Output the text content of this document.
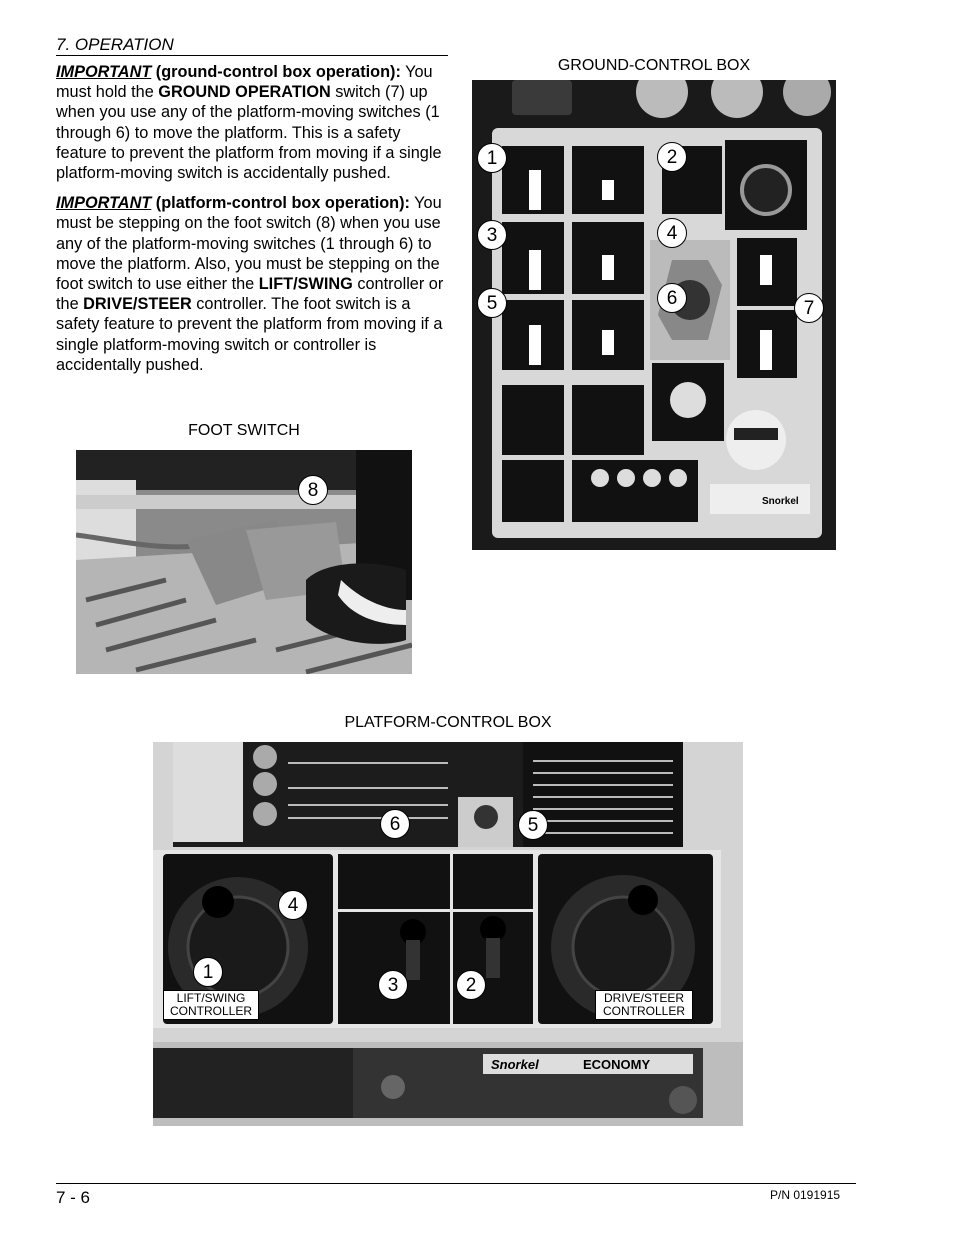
7. OPERATION

IMPORTANT (ground-control box operation): You must hold the GROUND OPERATION switch (7) up when you use any of the platform-moving switches (1 through 6) to move the platform. This is a safety feature to prevent the platform from moving if a single platform-moving switch is accidentally pushed.

IMPORTANT (platform-control box operation): You must be stepping on the foot switch (8) when you use any of the platform-moving switches (1 through 6) to move the platform. Also, you must be stepping on the foot switch to use either the LIFT/SWING controller or the DRIVE/STEER controller. The foot switch is a safety feature to prevent the platform from moving if a single platform-moving switch or controller is accidentally pushed.

GROUND-CONTROL BOX
Snorkel
1	2
3	4
5	6	7
FOOT SWITCH
8
PLATFORM-CONTROL BOX
Snorkel	ECONOMY
6	5
4
1
3	2
LIFT/SWING CONTROLLER
DRIVE/STEER CONTROLLER
7 - 6	P/N 0191915
